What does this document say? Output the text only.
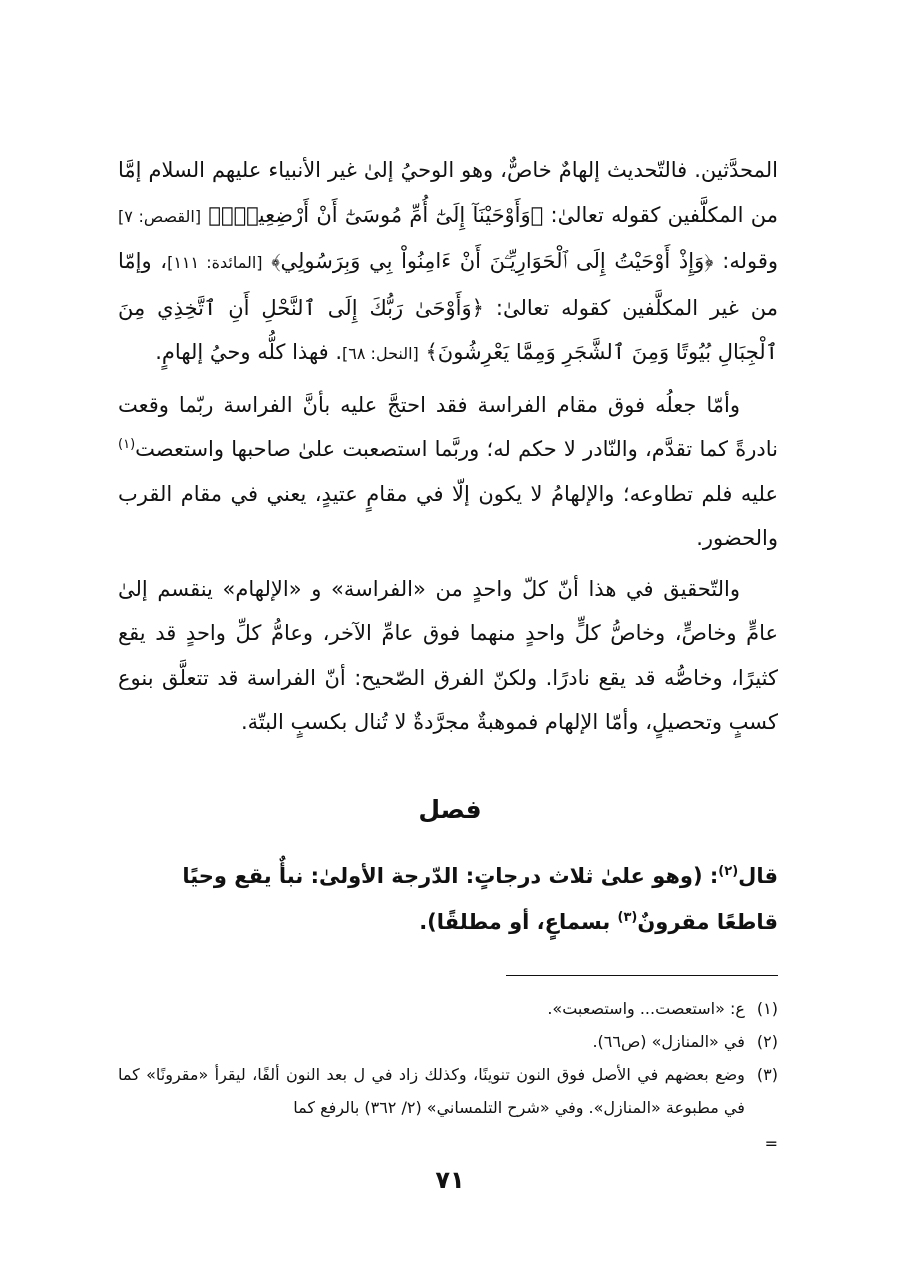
المحدَّثين. فالتّحديث إلهامٌ خاصٌّ، وهو الوحيُ إلىٰ غير الأنبياء عليهم السلام إمَّا من المكلَّفين كقوله تعالىٰ: ﴿وَأَوْحَيْنَآ إِلَىٰٓ أُمِّ مُوسَىٰٓ أَنْ أَرْضِعِيهِۖ﴾ [القصص: ٧] وقوله: ﴿وَإِذْ أَوْحَيْتُ إِلَى ٱلْحَوَارِيِّـۧنَ أَنْ ءَامِنُواْ بِي وَبِرَسُولِي﴾ [المائدة: ١١١]، وإمّا من غير المكلَّفين كقوله تعالىٰ: ﴿وَأَوْحَىٰ رَبُّكَ إِلَى ٱلنَّحْلِ أَنِ ٱتَّخِذِي مِنَ ٱلْجِبَالِ بُيُوتًا وَمِنَ ٱلشَّجَرِ وَمِمَّا يَعْرِشُونَ﴾ [النحل: ٦٨]. فهذا كلُّه وحيُ إلهامٍ.

وأمّا جعلُه فوق مقام الفراسة فقد احتجَّ عليه بأنَّ الفراسة ربّما وقعت نادرةً كما تقدَّم، والنّادر لا حكم له؛ وربَّما استصعبت علىٰ صاحبها واستعصت$^{(١)}$ عليه فلم تطاوعه؛ والإلهامُ لا يكون إلّا في مقامٍ عتيدٍ، يعني في مقام القرب والحضور.

والتّحقيق في هذا أنّ كلّ واحدٍ من «الفراسة» و «الإلهام» ينقسم إلىٰ عامٍّ وخاصٍّ، وخاصُّ كلٍّ واحدٍ منهما فوق عامِّ الآخر، وعامُّ كلِّ واحدٍ قد يقع كثيرًا، وخاصُّه قد يقع نادرًا. ولكنّ الفرق الصّحيح: أنّ الفراسة قد تتعلَّق بنوع كسبٍ وتحصيلٍ، وأمّا الإلهام فموهبةٌ مجرَّدةٌ لا تُنال بكسبٍ البتّة.

فصل

قال$^{(٢)}$: (وهو علىٰ ثلاث درجاتٍ: الدّرجة الأولىٰ: نبأٌ يقع وحيًا قاطعًا مقرونٌ$^{(٣)}$ بسماعٍ، أو مطلقًا).

(١)
ع: «استعصت... واستصعبت».
(٢)
في «المنازل» (ص٦٦).
(٣)
وضع بعضهم في الأصل فوق النون تنوينًا، وكذلك زاد في ل بعد النون ألفًا، ليقرأ «مقرونًا» كما في مطبوعة «المنازل». وفي «شرح التلمساني» (٢/ ٣٦٢) بالرفع كما
=
٧١
